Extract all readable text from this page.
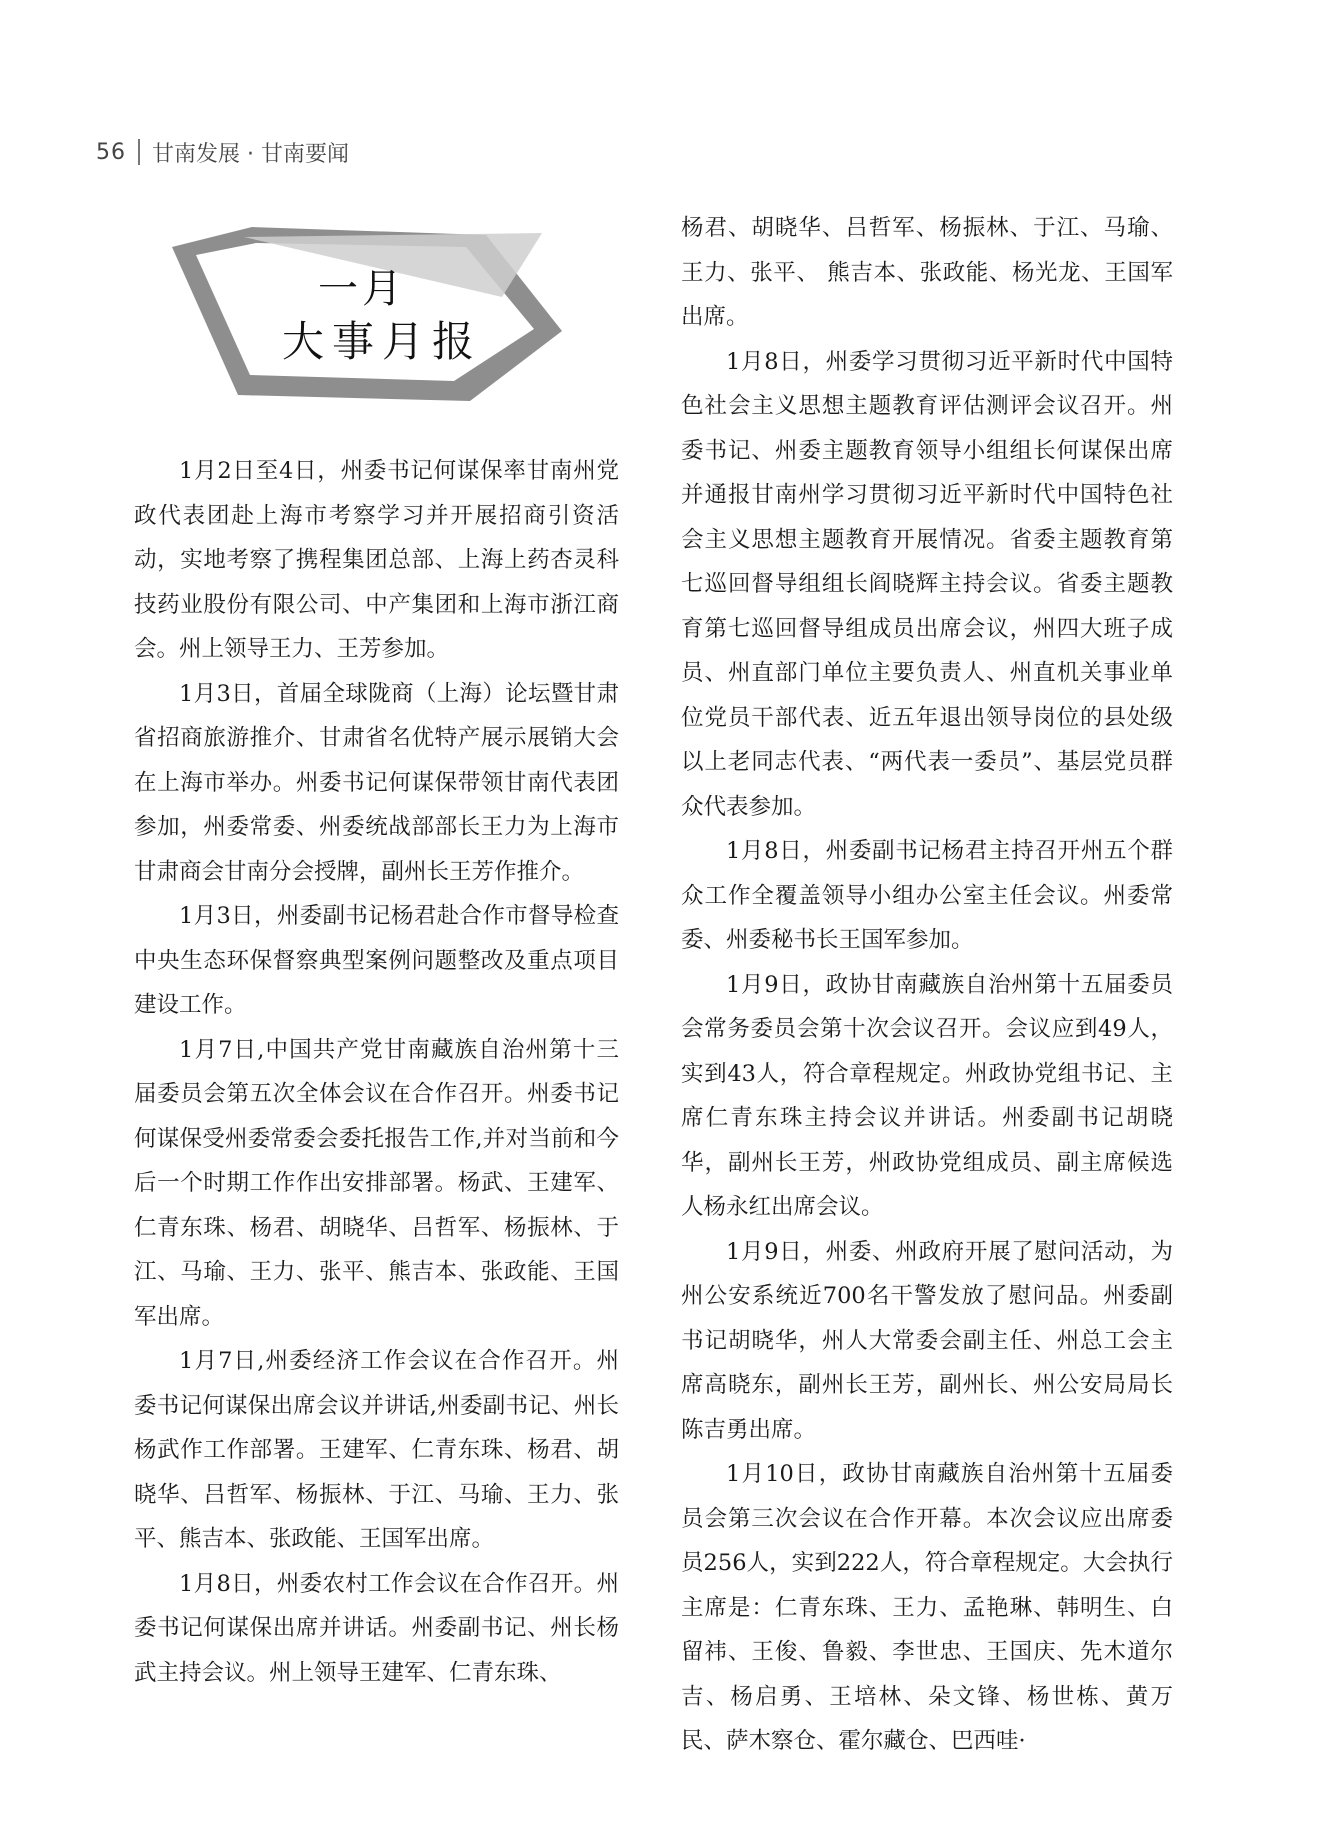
56 甘南发展 · 甘南要闻
一月
大事月报

1月2日至4日，州委书记何谋保率甘南州党政代表团赴上海市考察学习并开展招商引资活动，实地考察了携程集团总部、上海上药杏灵科技药业股份有限公司、中产集团和上海市浙江商会。州上领导王力、王芳参加。

1月3日，首届全球陇商（上海）论坛暨甘肃省招商旅游推介、甘肃省名优特产展示展销大会在上海市举办。州委书记何谋保带领甘南代表团参加，州委常委、州委统战部部长王力为上海市甘肃商会甘南分会授牌，副州长王芳作推介。

1月3日，州委副书记杨君赴合作市督导检查中央生态环保督察典型案例问题整改及重点项目建设工作。

1月7日,中国共产党甘南藏族自治州第十三届委员会第五次全体会议在合作召开。州委书记何谋保受州委常委会委托报告工作,并对当前和今后一个时期工作作出安排部署。杨武、王建军、仁青东珠、杨君、胡晓华、吕哲军、杨振林、于江、马瑜、王力、张平、熊吉本、张政能、王国军出席。

1月7日,州委经济工作会议在合作召开。州委书记何谋保出席会议并讲话,州委副书记、州长杨武作工作部署。王建军、仁青东珠、杨君、胡晓华、吕哲军、杨振林、于江、马瑜、王力、张平、熊吉本、张政能、王国军出席。

1月8日，州委农村工作会议在合作召开。州委书记何谋保出席并讲话。州委副书记、州长杨武主持会议。州上领导王建军、仁青东珠、

杨君、胡晓华、吕哲军、杨振林、于江、马瑜、王力、张平、 熊吉本、张政能、杨光龙、王国军出席。

1月8日，州委学习贯彻习近平新时代中国特色社会主义思想主题教育评估测评会议召开。州委书记、州委主题教育领导小组组长何谋保出席并通报甘南州学习贯彻习近平新时代中国特色社会主义思想主题教育开展情况。省委主题教育第七巡回督导组组长阎晓辉主持会议。省委主题教育第七巡回督导组成员出席会议，州四大班子成员、州直部门单位主要负责人、州直机关事业单位党员干部代表、近五年退出领导岗位的县处级以上老同志代表、“两代表一委员”、基层党员群众代表参加。

1月8日，州委副书记杨君主持召开州五个群众工作全覆盖领导小组办公室主任会议。州委常委、州委秘书长王国军参加。

1月9日，政协甘南藏族自治州第十五届委员会常务委员会第十次会议召开。会议应到49人，实到43人，符合章程规定。州政协党组书记、主席仁青东珠主持会议并讲话。州委副书记胡晓华，副州长王芳，州政协党组成员、副主席候选人杨永红出席会议。

1月9日，州委、州政府开展了慰问活动，为州公安系统近700名干警发放了慰问品。州委副书记胡晓华，州人大常委会副主任、州总工会主席高晓东，副州长王芳，副州长、州公安局局长陈吉勇出席。

1月10日，政协甘南藏族自治州第十五届委员会第三次会议在合作开幕。本次会议应出席委员256人，实到222人，符合章程规定。大会执行主席是：仁青东珠、王力、孟艳琳、韩明生、白留祎、王俊、鲁毅、李世忠、王国庆、先木道尔吉、杨启勇、王培林、朵文锋、杨世栋、黄万民、萨木察仓、霍尔藏仓、巴西哇·
